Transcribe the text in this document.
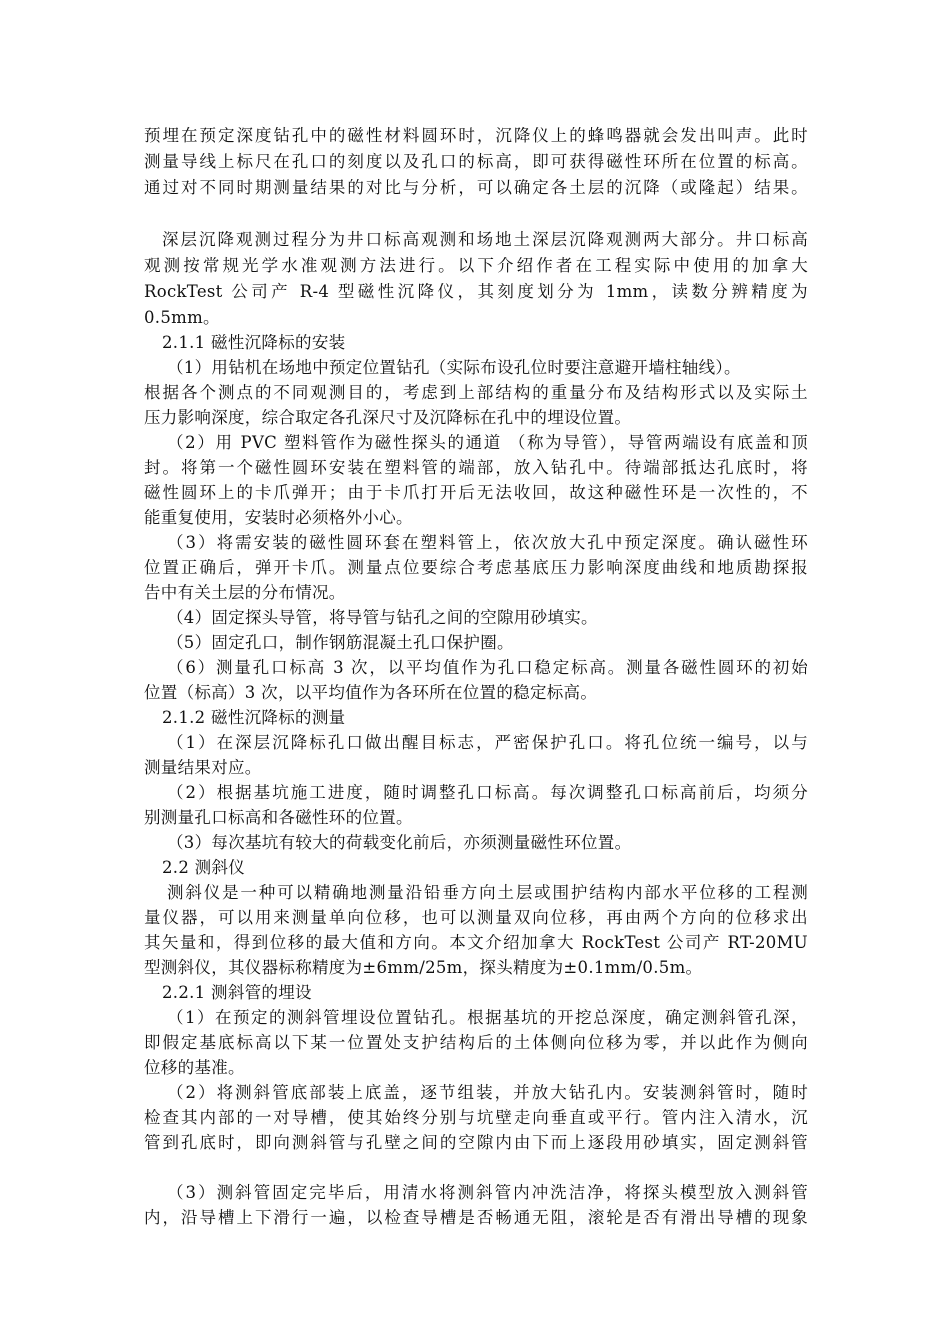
预埋在预定深度钻孔中的磁性材料圆环时，沉降仪上的蜂鸣器就会发出叫声。此时
测量导线上标尺在孔口的刻度以及孔口的标高，即可获得磁性环所在位置的标高。
通过对不同时期测量结果的对比与分析，可以确定各土层的沉降（或隆起）结果。
深层沉降观测过程分为井口标高观测和场地土深层沉降观测两大部分。井口标高
观测按常规光学水准观测方法进行。以下介绍作者在工程实际中使用的加拿大
RockTest 公司产 R-4 型磁性沉降仪，其刻度划分为 1mm，读数分辨精度为
0.5mm。
2.1.1 磁性沉降标的安装
（1）用钻机在场地中预定位置钻孔（实际布设孔位时要注意避开墙柱轴线）。
根据各个测点的不同观测目的，考虑到上部结构的重量分布及结构形式以及实际土
压力影响深度，综合取定各孔深尺寸及沉降标在孔中的埋设位置。
（2）用 PVC 塑料管作为磁性探头的通道 （称为导管），导管两端设有底盖和顶
封。将第一个磁性圆环安装在塑料管的端部，放入钻孔中。待端部抵达孔底时，将
磁性圆环上的卡爪弹开；由于卡爪打开后无法收回，故这种磁性环是一次性的，不
能重复使用，安装时必须格外小心。
（3）将需安装的磁性圆环套在塑料管上，依次放大孔中预定深度。确认磁性环
位置正确后，弹开卡爪。测量点位要综合考虑基底压力影响深度曲线和地质勘探报
告中有关土层的分布情况。
（4）固定探头导管，将导管与钻孔之间的空隙用砂填实。
（5）固定孔口，制作钢筋混凝土孔口保护圈。
（6）测量孔口标高 3 次，以平均值作为孔口稳定标高。测量各磁性圆环的初始
位置（标高）3 次，以平均值作为各环所在位置的稳定标高。
2.1.2 磁性沉降标的测量
（1）在深层沉降标孔口做出醒目标志，严密保护孔口。将孔位统一编号，以与
测量结果对应。
（2）根据基坑施工进度，随时调整孔口标高。每次调整孔口标高前后，均须分
别测量孔口标高和各磁性环的位置。
（3）每次基坑有较大的荷载变化前后，亦须测量磁性环位置。
2.2 测斜仪
测斜仪是一种可以精确地测量沿铅垂方向土层或围护结构内部水平位移的工程测
量仪器，可以用来测量单向位移，也可以测量双向位移，再由两个方向的位移求出
其矢量和，得到位移的最大值和方向。本文介绍加拿大 RockTest 公司产 RT-20MU
型测斜仪，其仪器标称精度为±6mm/25m，探头精度为±0.1mm/0.5m。
2.2.1 测斜管的埋设
（1）在预定的测斜管埋设位置钻孔。根据基坑的开挖总深度，确定测斜管孔深，
即假定基底标高以下某一位置处支护结构后的土体侧向位移为零，并以此作为侧向
位移的基准。
（2）将测斜管底部装上底盖，逐节组装，并放大钻孔内。安装测斜管时，随时
检查其内部的一对导槽，使其始终分别与坑壁走向垂直或平行。管内注入清水，沉
管到孔底时，即向测斜管与孔壁之间的空隙内由下而上逐段用砂填实，固定测斜管
（3）测斜管固定完毕后，用清水将测斜管内冲洗洁净，将探头模型放入测斜管
内，沿导槽上下滑行一遍，以检查导槽是否畅通无阻，滚轮是否有滑出导槽的现象
